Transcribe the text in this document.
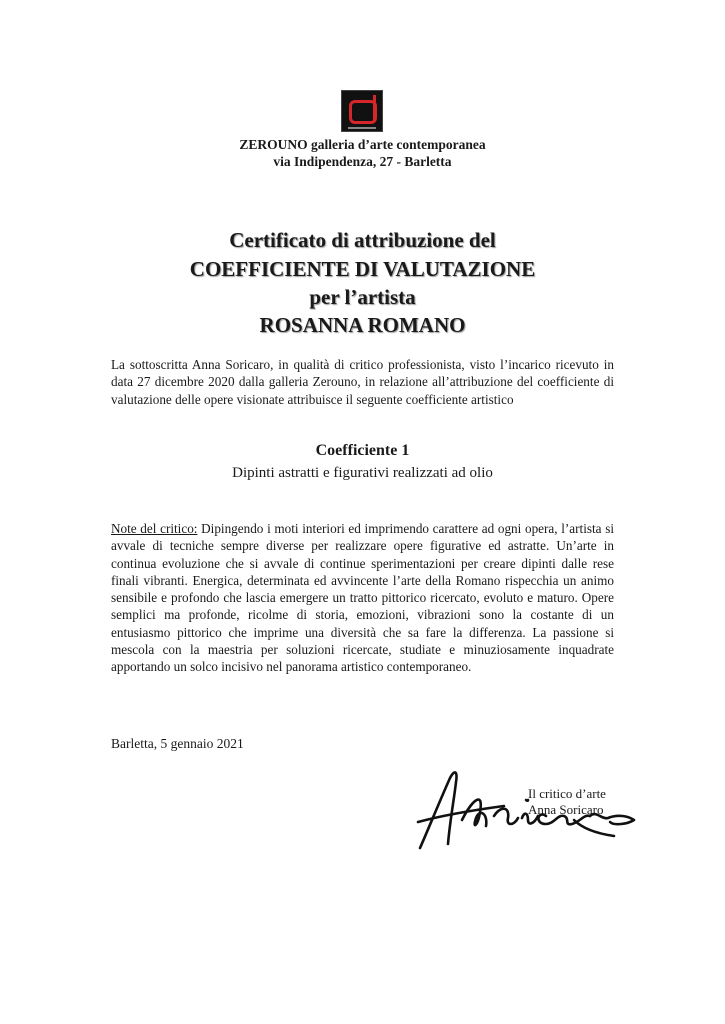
ZEROUNO galleria d’arte contemporanea
via Indipendenza, 27 - Barletta
Certificato di attribuzione del
COEFFICIENTE DI VALUTAZIONE
per l’artista
ROSANNA ROMANO

La sottoscritta Anna Soricaro, in qualità di critico professionista, visto l’incarico ricevuto in data 27 dicembre 2020 dalla galleria Zerouno, in relazione all’attribuzione del coefficiente di valutazione delle opere visionate attribuisce il seguente coefficiente artistico

Coefficiente 1
Dipinti astratti e figurativi realizzati ad olio

Note del critico: Dipingendo i moti interiori ed imprimendo carattere ad ogni opera, l’artista si avvale di tecniche sempre diverse per realizzare opere figurative ed astratte. Un’arte in continua evoluzione che si avvale di continue sperimentazioni per creare dipinti dalle rese finali vibranti. Energica, determinata ed avvincente l’arte della Romano rispecchia un animo sensibile e profondo che lascia emergere un tratto pittorico ricercato, evoluto e maturo. Opere semplici ma profonde, ricolme di storia, emozioni, vibrazioni sono la costante di un entusiasmo pittorico che imprime una diversità che sa fare la differenza. La passione si mescola con la maestria per soluzioni ricercate, studiate e minuziosamente inquadrate apportando un solco incisivo nel panorama artistico contemporaneo.

Barletta, 5 gennaio 2021
Il critico d’arte
Anna Soricaro
